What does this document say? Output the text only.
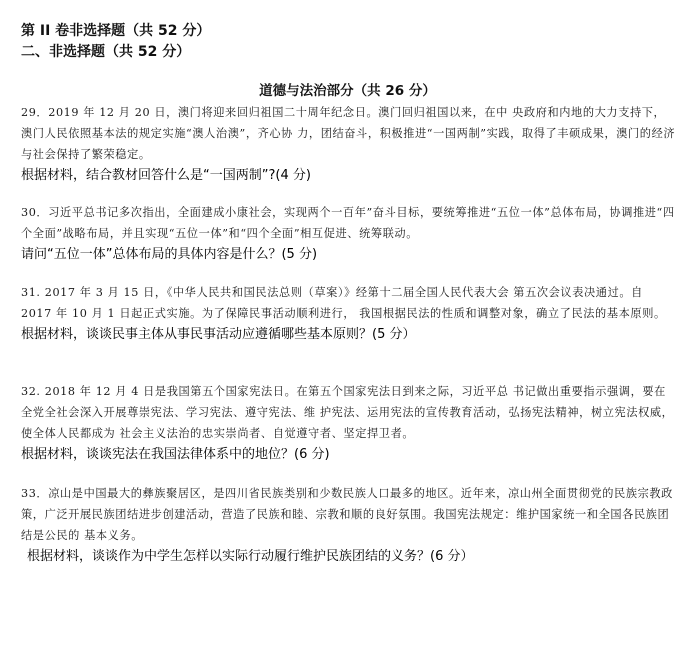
第 II 卷非选择题（共 52 分）
二、非选择题（共 52 分）
道德与法治部分（共 26 分）
29．2019 年 12 月 20 日，澳门将迎来回归祖国二十周年纪念日。澳门回归祖国以来，在中 央政府和内地的大力支持下，澳门人民依照基本法的规定实施“澳人治澳”，齐心协 力，团结奋斗，积极推进“一国两制”实践，取得了丰硕成果，澳门的经济与社会保持了繁荣稳定。
30．习近平总书记多次指出，全面建成小康社会，实现两个一百年”奋斗目标，要统筹推进“五位一体”总体布局，协调推进“四个全面”战略布局，并且实现“五位一体”和“四个全面”相互促进、统筹联动。
请问“五位一体”总体布局的具体内容是什么？(5 分)
31. 2017 年 3 月 15 日，《中华人民共和国民法总则（草案）》经第十二届全国人民代表大会 第五次会议表决通过。自 2017 年 10 月 1 日起正式实施。为了保障民事活动顺利进行， 我国根据民法的性质和调整对象，确立了民法的基本原则。
根据材料，谈谈民事主体从事民事活动应遵循哪些基本原则？(5 分）
32. 2018 年 12 月 4 日是我国第五个国家宪法日。在第五个国家宪法日到来之际，习近平总 书记做出重要指示强调，要在全党全社会深入开展尊崇宪法、学习宪法、遵守宪法、维 护宪法、运用宪法的宣传教育活动，弘扬宪法精神，树立宪法权威，使全体人民都成为 社会主义法治的忠实崇尚者、自觉遵守者、坚定捍卫者。
根据材料，谈谈宪法在我国法律体系中的地位？(6 分)
33．凉山是中国最大的彝族聚居区，是四川省民族类别和少数民族人口最多的地区。近年来，凉山州全面贯彻党的民族宗教政策，广泛开展民族团结进步创建活动，营造了民族和睦、宗教和顺的良好氛围。我国宪法规定：维护国家统一和全国各民族团结是公民的 基本义务。
根据材料，谈谈作为中学生怎样以实际行动履行维护民族团结的义务？(6 分）
根据材料，结合教材回答什么是“一国两制”?(4 分)
